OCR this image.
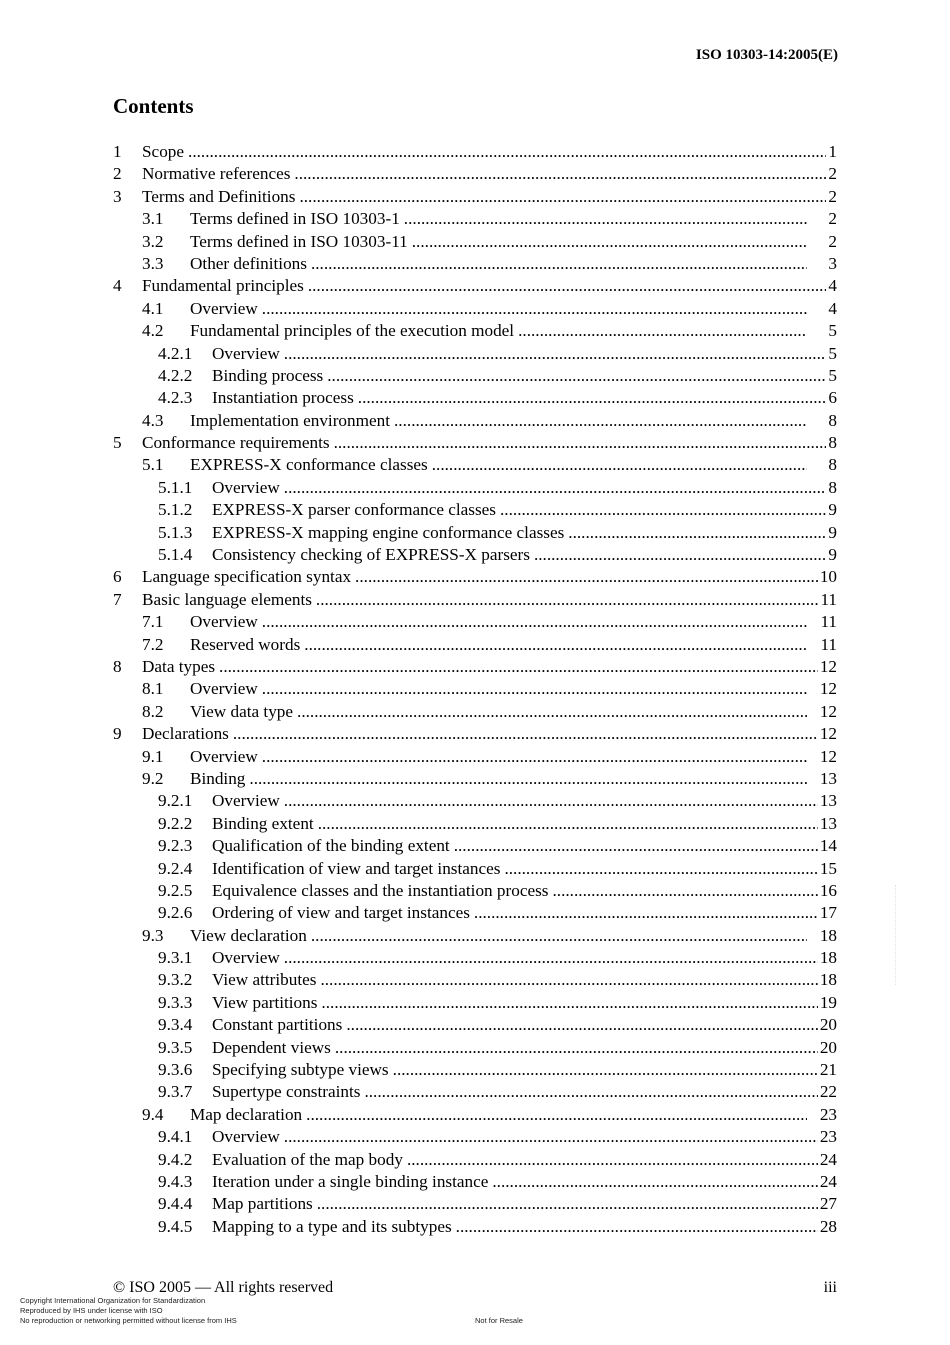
ISO 10303-14:2005(E)
Contents
1 Scope .....	1
2 Normative references .....	2
3 Terms and Definitions .....	2
3.1 Terms defined in ISO 10303-1 .....	2
3.2 Terms defined in ISO 10303-11 .....	2
3.3 Other definitions .....	3
4 Fundamental principles .....	4
4.1 Overview .....	4
4.2 Fundamental principles of the execution model .....	5
4.2.1 Overview .....	5
4.2.2 Binding process .....	5
4.2.3 Instantiation process .....	6
4.3 Implementation environment .....	8
5 Conformance requirements .....	8
5.1 EXPRESS-X conformance classes .....	8
5.1.1 Overview .....	8
5.1.2 EXPRESS-X parser conformance classes .....	9
5.1.3 EXPRESS-X mapping engine conformance classes .....	9
5.1.4 Consistency checking of EXPRESS-X parsers .....	9
6 Language specification syntax .....	10
7 Basic language elements .....	11
7.1 Overview .....	11
7.2 Reserved words .....	11
8 Data types .....	12
8.1 Overview .....	12
8.2 View data type .....	12
9 Declarations .....	12
9.1 Overview .....	12
9.2 Binding .....	13
9.2.1 Overview .....	13
9.2.2 Binding extent .....	13
9.2.3 Qualification of the binding extent .....	14
9.2.4 Identification of view and target instances .....	15
9.2.5 Equivalence classes and the instantiation process .....	16
9.2.6 Ordering of view and target instances .....	17
9.3 View declaration .....	18
9.3.1 Overview .....	18
9.3.2 View attributes .....	18
9.3.3 View partitions .....	19
9.3.4 Constant partitions .....	20
9.3.5 Dependent views .....	20
9.3.6 Specifying subtype views .....	21
9.3.7 Supertype constraints .....	22
9.4 Map declaration .....	23
9.4.1 Overview .....	23
9.4.2 Evaluation of the map body .....	24
9.4.3 Iteration under a single binding instance .....	24
9.4.4 Map partitions .....	27
9.4.5 Mapping to a type and its subtypes .....	28
© ISO 2005 — All rights reserved	iii
Copyright International Organization for Standardization
Reproduced by IHS under license with ISO
No reproduction or networking permitted without license from IHS	Not for Resale
